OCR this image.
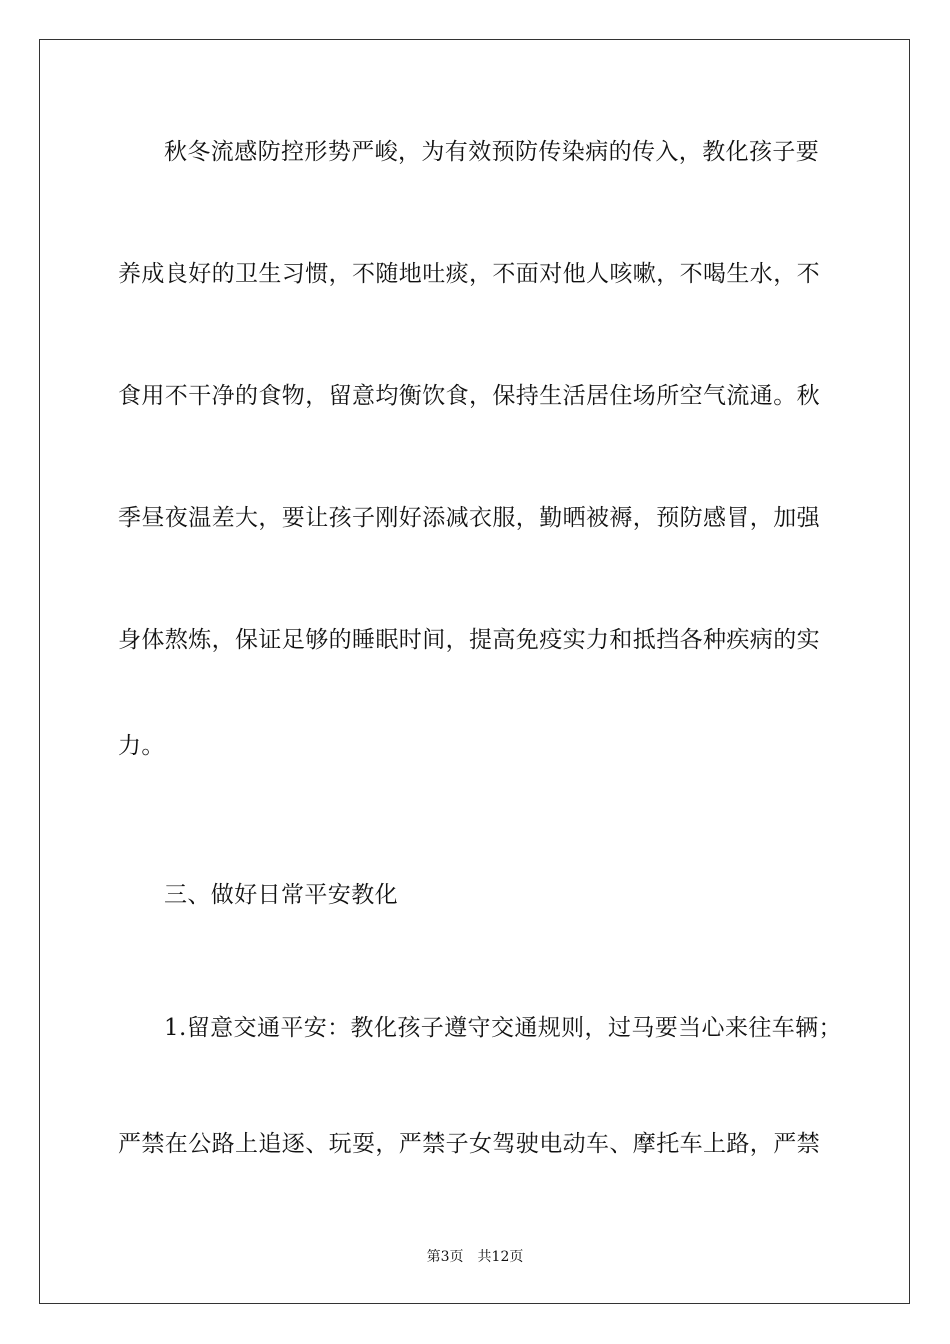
秋冬流感防控形势严峻，为有效预防传染病的传入，教化孩子要
养成良好的卫生习惯，不随地吐痰，不面对他人咳嗽，不喝生水，不
食用不干净的食物，留意均衡饮食，保持生活居住场所空气流通。秋
季昼夜温差大，要让孩子刚好添减衣服，勤晒被褥，预防感冒，加强
身体熬炼，保证足够的睡眠时间，提高免疫实力和抵挡各种疾病的实
力。
三、做好日常平安教化
1.留意交通平安：教化孩子遵守交通规则，过马要当心来往车辆；
严禁在公路上追逐、玩耍，严禁子女驾驶电动车、摩托车上路，严禁
第3页 共12页
